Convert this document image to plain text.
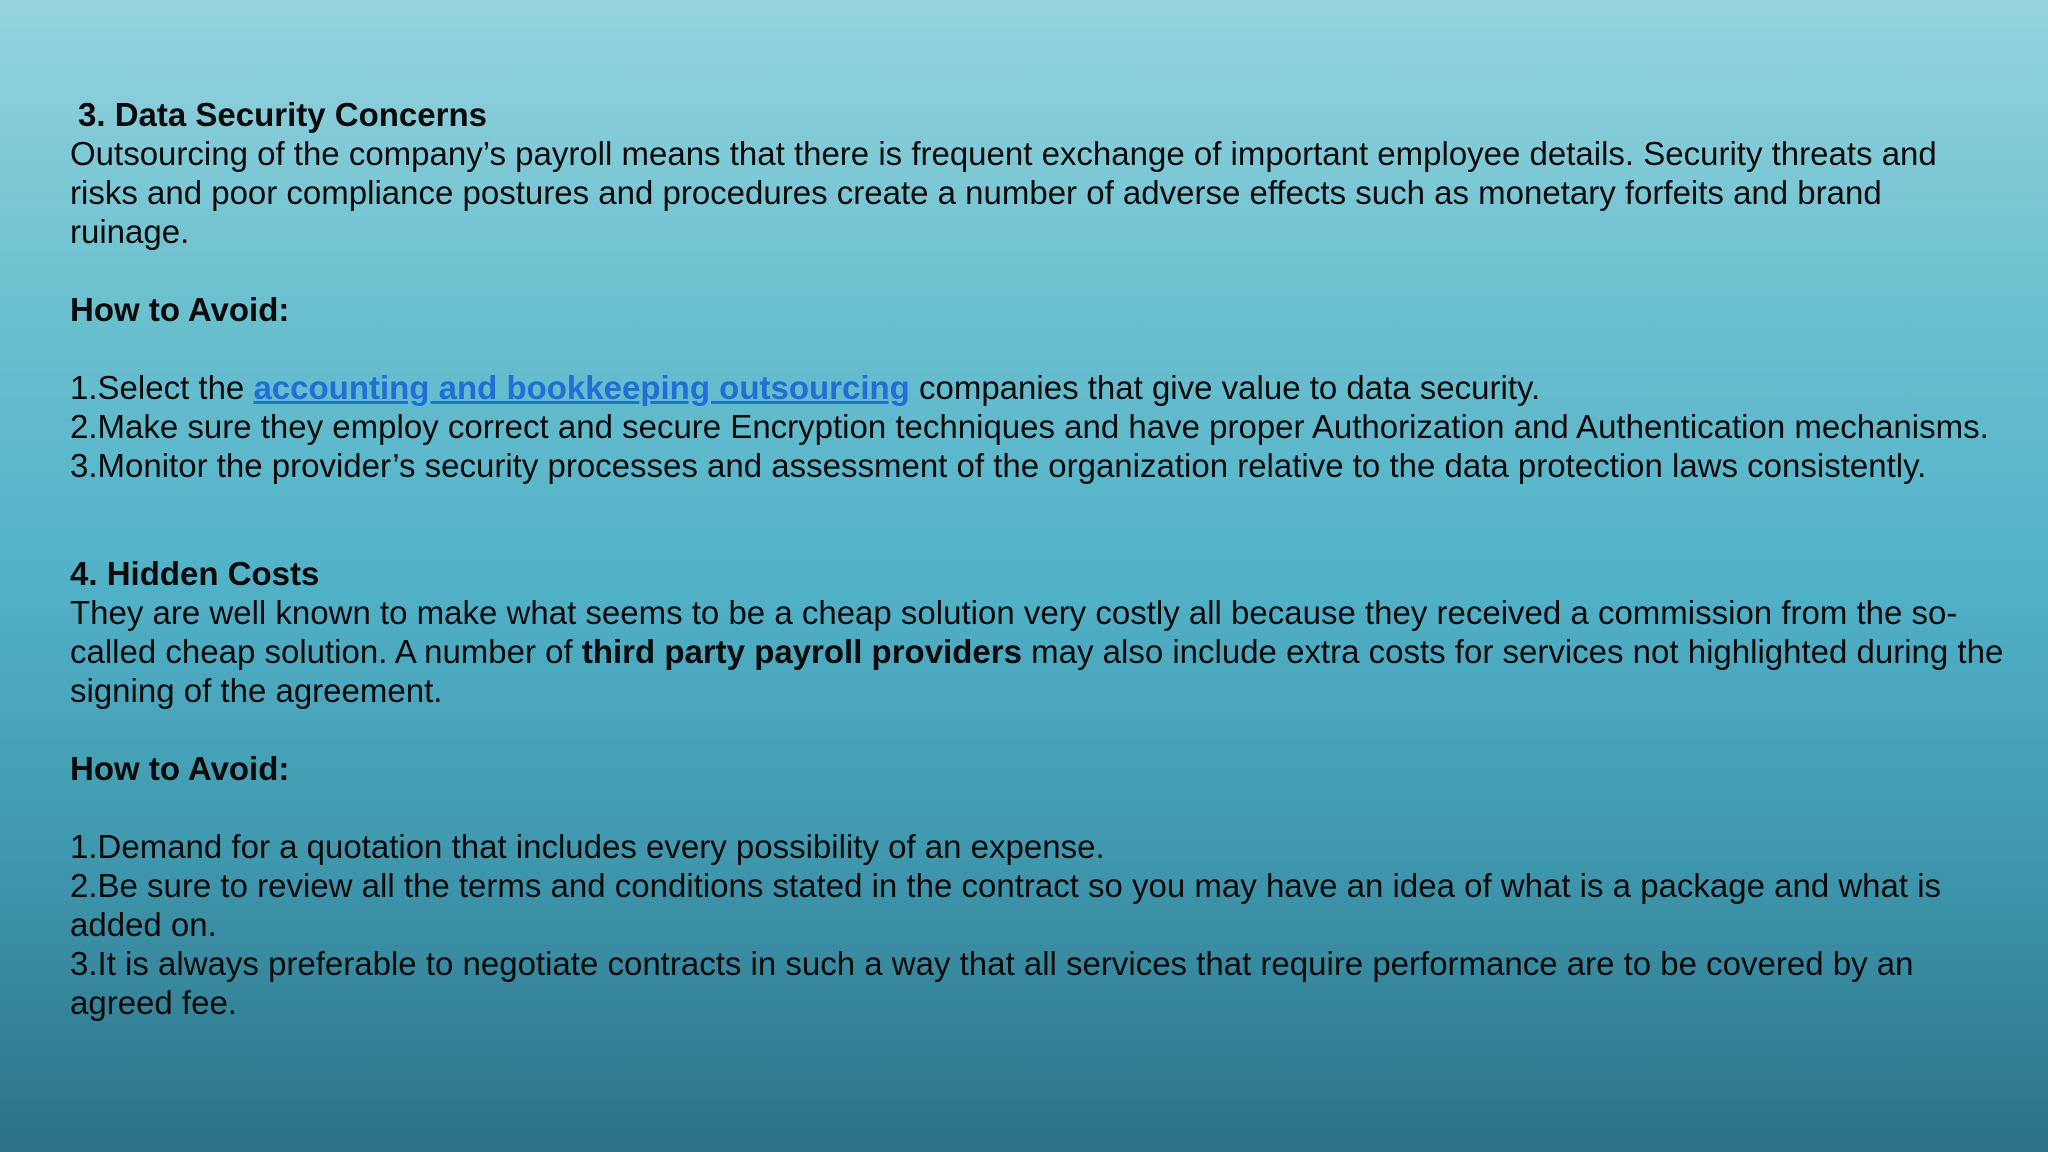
3. Data Security Concerns

Outsourcing of the company’s payroll means that there is frequent exchange of important employee details. Security threats and risks and poor compliance postures and procedures create a number of adverse effects such as monetary forfeits and brand ruinage.

How to Avoid:

1.Select the accounting and bookkeeping outsourcing companies that give value to data security.

2.Make sure they employ correct and secure Encryption techniques and have proper Authorization and Authentication mechanisms.

3.Monitor the provider’s security processes and assessment of the organization relative to the data protection laws consistently.

4. Hidden Costs

They are well known to make what seems to be a cheap solution very costly all because they received a commission from the so-called cheap solution. A number of third party payroll providers may also include extra costs for services not highlighted during the signing of the agreement.

How to Avoid:

1.Demand for a quotation that includes every possibility of an expense.

2.Be sure to review all the terms and conditions stated in the contract so you may have an idea of what is a package and what is added on.

3.It is always preferable to negotiate contracts in such a way that all services that require performance are to be covered by an agreed fee.
